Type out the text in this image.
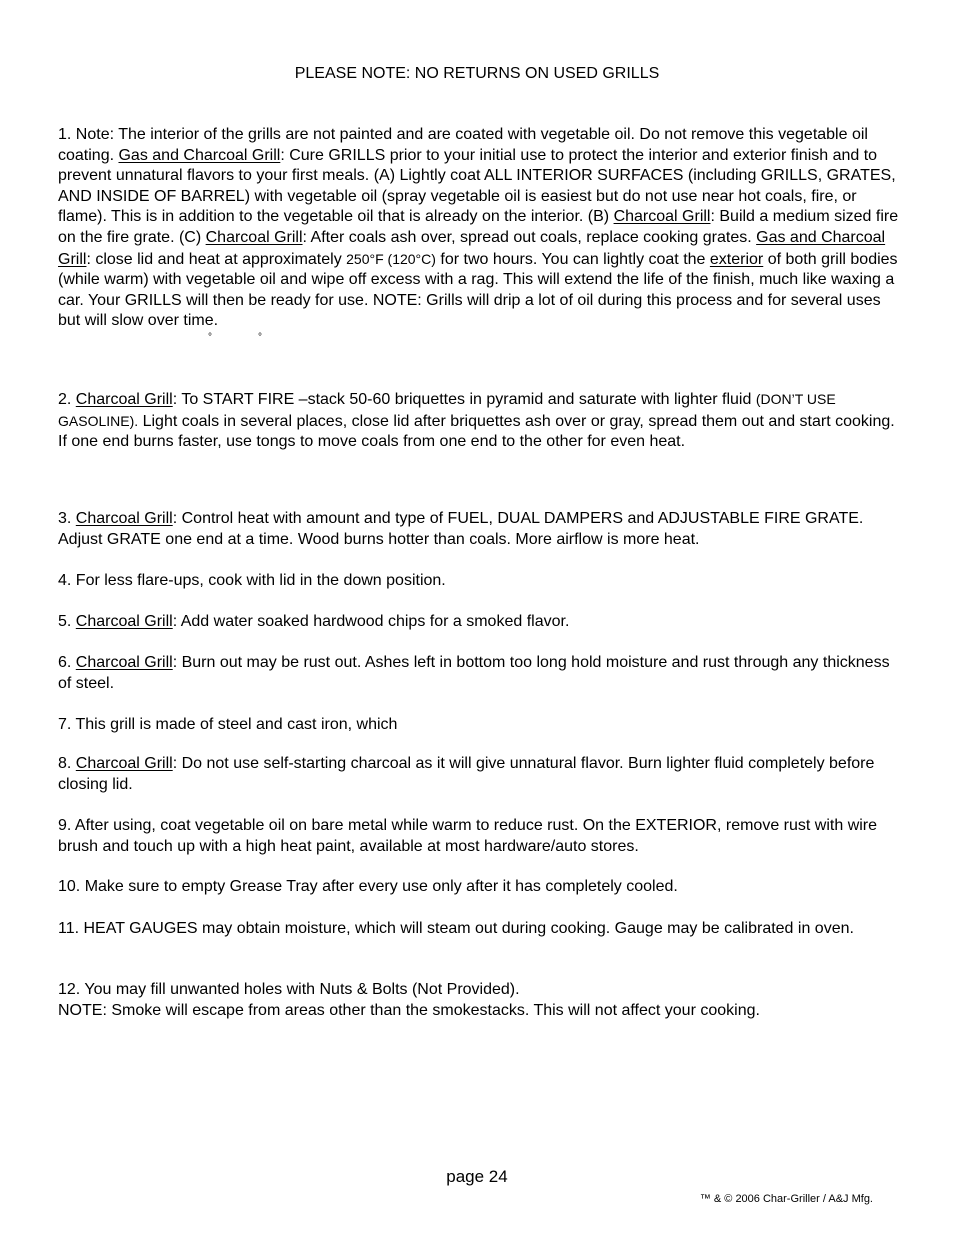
PLEASE NOTE: NO RETURNS ON USED GRILLS

1. Note: The interior of the grills are not painted and are coated with vegetable oil. Do not remove this vegetable oil coating. Gas and Charcoal Grill: Cure GRILLS prior to your initial use to protect the interior and exterior finish and to prevent unnatural flavors to your first meals. (A) Lightly coat ALL INTERIOR SURFACES (including GRILLS, GRATES, AND INSIDE OF BARREL) with vegetable oil (spray vegetable oil is easiest but do not use near hot coals, fire, or flame). This is in addition to the vegetable oil that is already on the interior. (B) Charcoal Grill: Build a medium sized fire on the fire grate. (C) Charcoal Grill: After coals ash over, spread out coals, replace cooking grates. Gas and Charcoal Grill: close lid and heat at approximately 250°F (120°C) for two hours. You can lightly coat the exterior of both grill bodies (while warm) with vegetable oil and wipe off excess with a rag. This will extend the life of the finish, much like waxing a car. Your GRILLS will then be ready for use. NOTE: Grills will drip a lot of oil during this process and for several uses but will slow over time.

°	°

2. Charcoal Grill: To START FIRE –stack 50-60 briquettes in pyramid and saturate with lighter fluid (DON’T USE GASOLINE). Light coals in several places, close lid after briquettes ash over or gray, spread them out and start cooking. If one end burns faster, use tongs to move coals from one end to the other for even heat.

3. Charcoal Grill: Control heat with amount and type of FUEL, DUAL DAMPERS and ADJUSTABLE FIRE GRATE. Adjust GRATE one end at a time. Wood burns hotter than coals. More airflow is more heat.

4. For less flare-ups, cook with lid in the down position.

5. Charcoal Grill: Add water soaked hardwood chips for a smoked flavor.

6. Charcoal Grill: Burn out may be rust out. Ashes left in bottom too long hold moisture and rust through any thickness of steel.

7. This grill is made of steel and cast iron, which

8. Charcoal Grill: Do not use self-starting charcoal as it will give unnatural flavor. Burn lighter fluid completely before closing lid.

9. After using, coat vegetable oil on bare metal while warm to reduce rust. On the EXTERIOR, remove rust with wire brush and touch up with a high heat paint, available at most hardware/auto stores.

10. Make sure to empty Grease Tray after every use only after it has completely cooled.

11. HEAT GAUGES may obtain moisture, which will steam out during cooking. Gauge may be calibrated in oven.

12. You may fill unwanted holes with Nuts & Bolts (Not Provided).
NOTE: Smoke will escape from areas other than the smokestacks. This will not affect your cooking.

page 24
™ & © 2006 Char-Griller / A&J Mfg.
